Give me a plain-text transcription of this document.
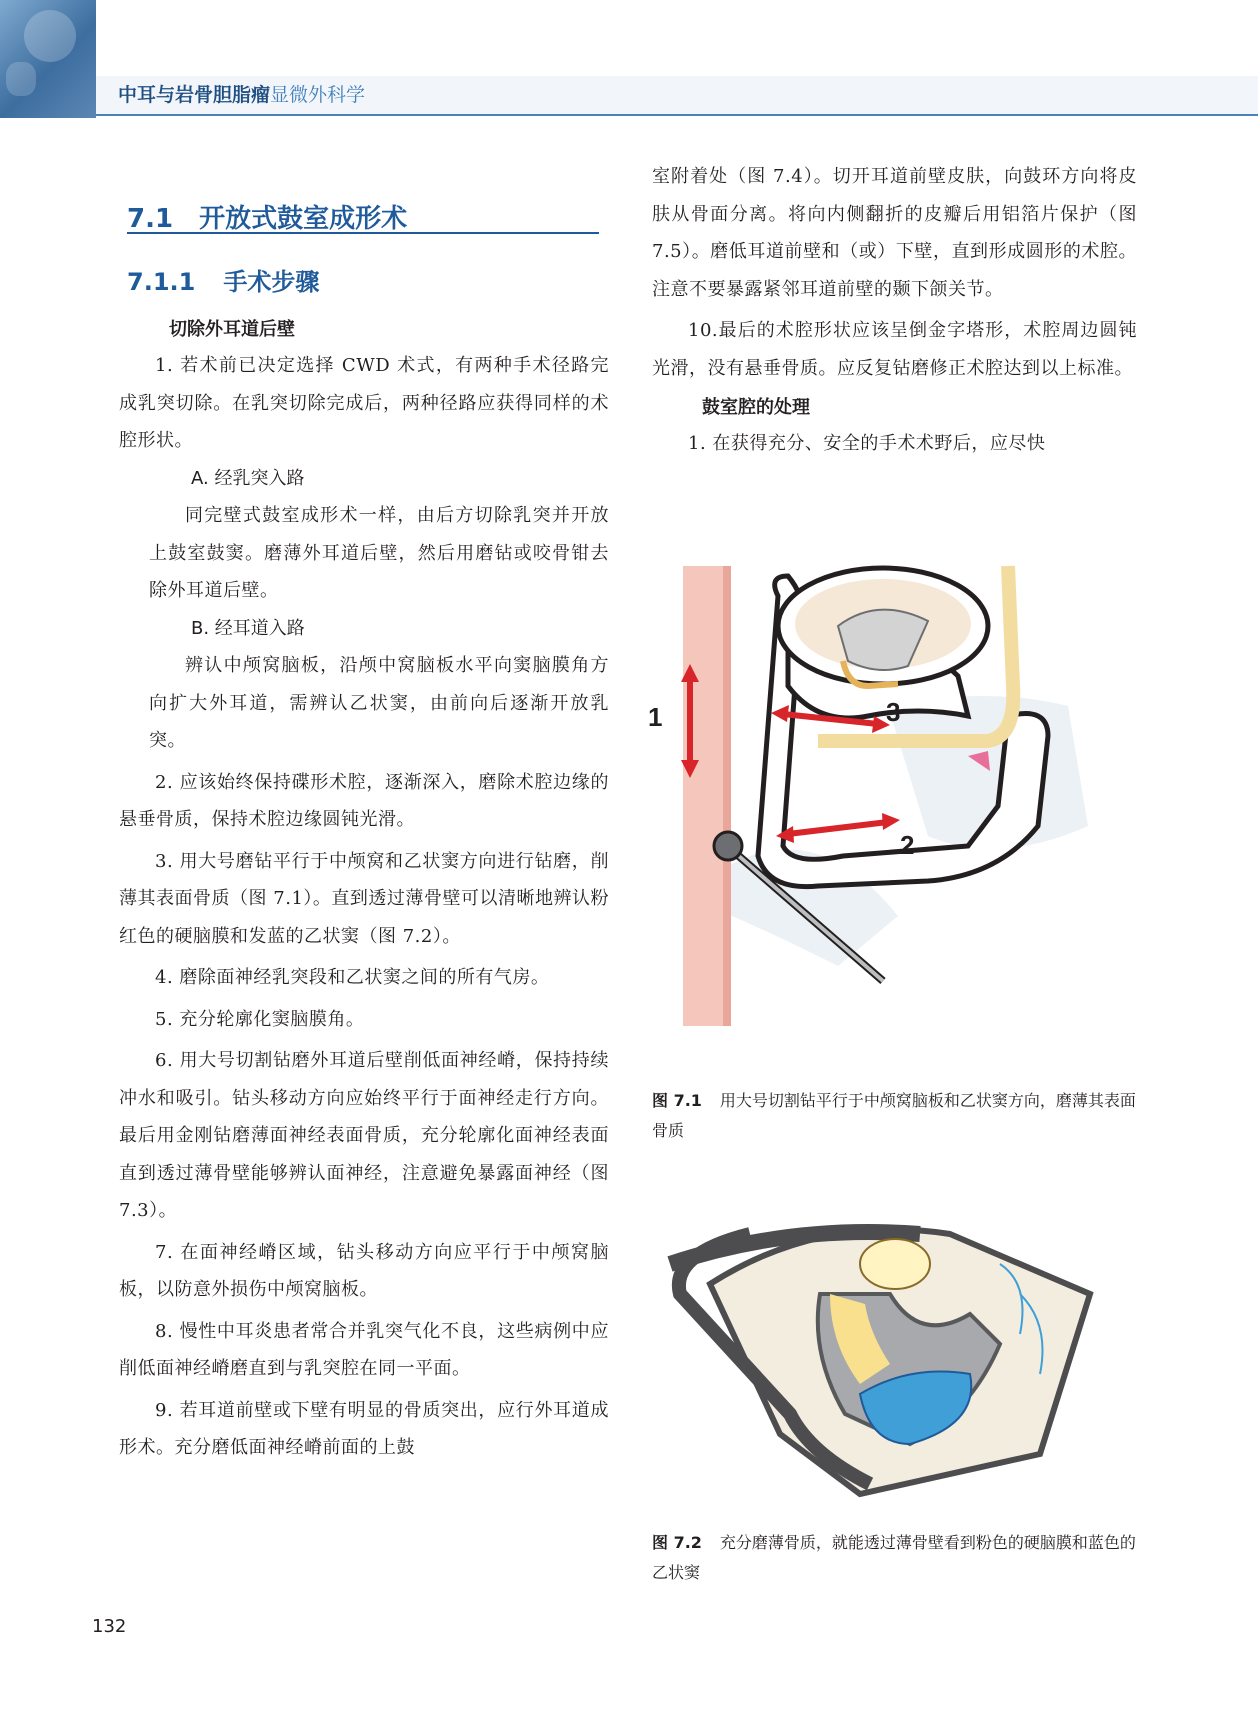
中耳与岩骨胆脂瘤显微外科学
7.1 开放式鼓室成形术
7.1.1 手术步骤
切除外耳道后壁

1. 若术前已决定选择 CWD 术式，有两种手术径路完成乳突切除。在乳突切除完成后，两种径路应获得同样的术腔形状。

A. 经乳突入路

同完壁式鼓室成形术一样，由后方切除乳突并开放上鼓室鼓窦。磨薄外耳道后壁，然后用磨钻或咬骨钳去除外耳道后壁。

B. 经耳道入路

辨认中颅窝脑板，沿颅中窝脑板水平向窦脑膜角方向扩大外耳道，需辨认乙状窦，由前向后逐渐开放乳突。

2. 应该始终保持碟形术腔，逐渐深入，磨除术腔边缘的悬垂骨质，保持术腔边缘圆钝光滑。

3. 用大号磨钻平行于中颅窝和乙状窦方向进行钻磨，削薄其表面骨质（图 7.1）。直到透过薄骨壁可以清晰地辨认粉红色的硬脑膜和发蓝的乙状窦（图 7.2）。

4. 磨除面神经乳突段和乙状窦之间的所有气房。

5. 充分轮廓化窦脑膜角。

6. 用大号切割钻磨外耳道后壁削低面神经嵴，保持持续冲水和吸引。钻头移动方向应始终平行于面神经走行方向。最后用金刚钻磨薄面神经表面骨质，充分轮廓化面神经表面直到透过薄骨壁能够辨认面神经，注意避免暴露面神经（图 7.3）。

7. 在面神经嵴区域，钻头移动方向应平行于中颅窝脑板，以防意外损伤中颅窝脑板。

8. 慢性中耳炎患者常合并乳突气化不良，这些病例中应削低面神经嵴磨直到与乳突腔在同一平面。

9. 若耳道前壁或下壁有明显的骨质突出，应行外耳道成形术。充分磨低面神经嵴前面的上鼓

室附着处（图 7.4）。切开耳道前壁皮肤，向鼓环方向将皮肤从骨面分离。将向内侧翻折的皮瓣后用铝箔片保护（图 7.5）。磨低耳道前壁和（或）下壁，直到形成圆形的术腔。注意不要暴露紧邻耳道前壁的颞下颌关节。

10.最后的术腔形状应该呈倒金字塔形，术腔周边圆钝光滑，没有悬垂骨质。应反复钻磨修正术腔达到以上标准。

鼓室腔的处理

1. 在获得充分、安全的手术术野后，应尽快

1
2
3
图 7.1 用大号切割钻平行于中颅窝脑板和乙状窦方向，磨薄其表面骨质
图 7.2 充分磨薄骨质，就能透过薄骨壁看到粉色的硬脑膜和蓝色的乙状窦
132
